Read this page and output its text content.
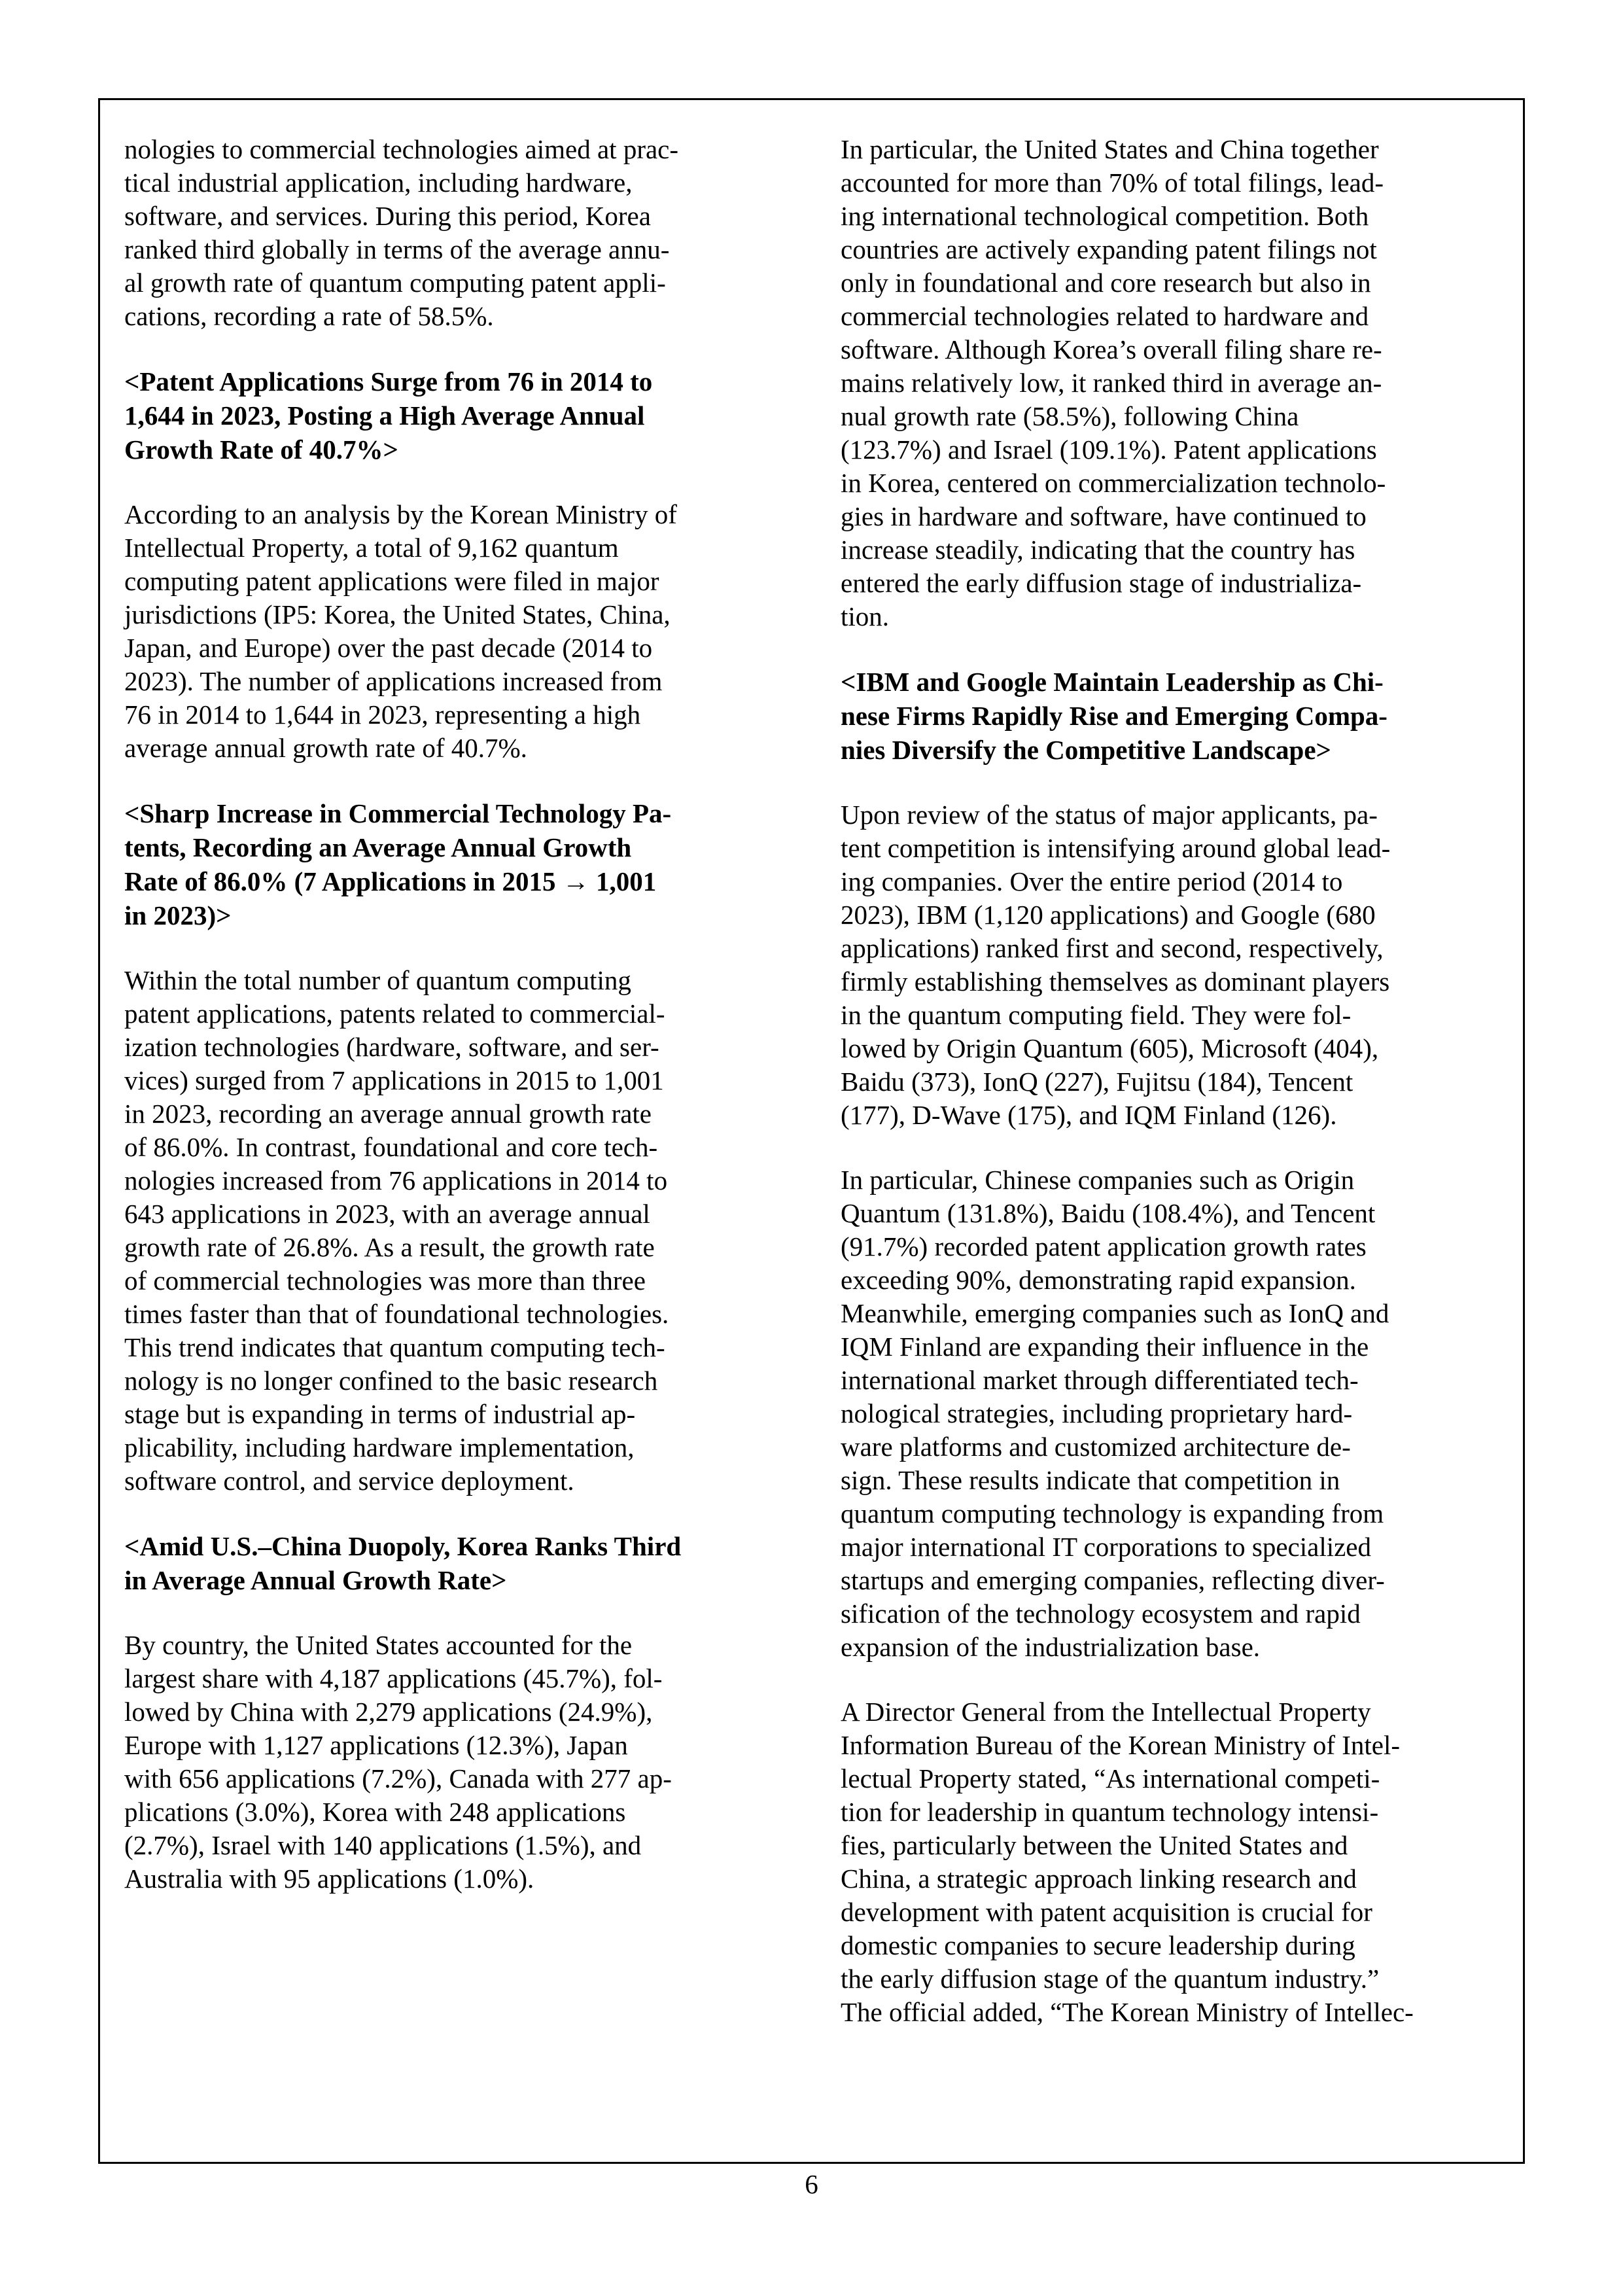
nologies to commercial technologies aimed at prac-
tical industrial application, including hardware,
software, and services. During this period, Korea
ranked third globally in terms of the average annu-
al growth rate of quantum computing patent appli-
cations, recording a rate of 58.5%.
<Patent Applications Surge from 76 in 2014 to
1,644 in 2023, Posting a High Average Annual
Growth Rate of 40.7%>
According to an analysis by the Korean Ministry of
Intellectual Property, a total of 9,162 quantum
computing patent applications were filed in major
jurisdictions (IP5: Korea, the United States, China,
Japan, and Europe) over the past decade (2014 to
2023). The number of applications increased from
76 in 2014 to 1,644 in 2023, representing a high
average annual growth rate of 40.7%.
<Sharp Increase in Commercial Technology Pa-
tents, Recording an Average Annual Growth
Rate of 86.0% (7 Applications in 2015 → 1,001
in 2023)>
Within the total number of quantum computing
patent applications, patents related to commercial-
ization technologies (hardware, software, and ser-
vices) surged from 7 applications in 2015 to 1,001
in 2023, recording an average annual growth rate
of 86.0%. In contrast, foundational and core tech-
nologies increased from 76 applications in 2014 to
643 applications in 2023, with an average annual
growth rate of 26.8%. As a result, the growth rate
of commercial technologies was more than three
times faster than that of foundational technologies.
This trend indicates that quantum computing tech-
nology is no longer confined to the basic research
stage but is expanding in terms of industrial ap-
plicability, including hardware implementation,
software control, and service deployment.
<Amid U.S.–China Duopoly, Korea Ranks Third
in Average Annual Growth Rate>
By country, the United States accounted for the
largest share with 4,187 applications (45.7%), fol-
lowed by China with 2,279 applications (24.9%),
Europe with 1,127 applications (12.3%), Japan
with 656 applications (7.2%), Canada with 277 ap-
plications (3.0%), Korea with 248 applications
(2.7%), Israel with 140 applications (1.5%), and
Australia with 95 applications (1.0%).
In particular, the United States and China together
accounted for more than 70% of total filings, lead-
ing international technological competition. Both
countries are actively expanding patent filings not
only in foundational and core research but also in
commercial technologies related to hardware and
software. Although Korea’s overall filing share re-
mains relatively low, it ranked third in average an-
nual growth rate (58.5%), following China
(123.7%) and Israel (109.1%). Patent applications
in Korea, centered on commercialization technolo-
gies in hardware and software, have continued to
increase steadily, indicating that the country has
entered the early diffusion stage of industrializa-
tion.
<IBM and Google Maintain Leadership as Chi-
nese Firms Rapidly Rise and Emerging Compa-
nies Diversify the Competitive Landscape>
Upon review of the status of major applicants, pa-
tent competition is intensifying around global lead-
ing companies. Over the entire period (2014 to
2023), IBM (1,120 applications) and Google (680
applications) ranked first and second, respectively,
firmly establishing themselves as dominant players
in the quantum computing field. They were fol-
lowed by Origin Quantum (605), Microsoft (404),
Baidu (373), IonQ (227), Fujitsu (184), Tencent
(177), D-Wave (175), and IQM Finland (126).
In particular, Chinese companies such as Origin
Quantum (131.8%), Baidu (108.4%), and Tencent
(91.7%) recorded patent application growth rates
exceeding 90%, demonstrating rapid expansion.
Meanwhile, emerging companies such as IonQ and
IQM Finland are expanding their influence in the
international market through differentiated tech-
nological strategies, including proprietary hard-
ware platforms and customized architecture de-
sign. These results indicate that competition in
quantum computing technology is expanding from
major international IT corporations to specialized
startups and emerging companies, reflecting diver-
sification of the technology ecosystem and rapid
expansion of the industrialization base.
A Director General from the Intellectual Property
Information Bureau of the Korean Ministry of Intel-
lectual Property stated, “As international competi-
tion for leadership in quantum technology intensi-
fies, particularly between the United States and
China, a strategic approach linking research and
development with patent acquisition is crucial for
domestic companies to secure leadership during
the early diffusion stage of the quantum industry.”
The official added, “The Korean Ministry of Intellec-
6
